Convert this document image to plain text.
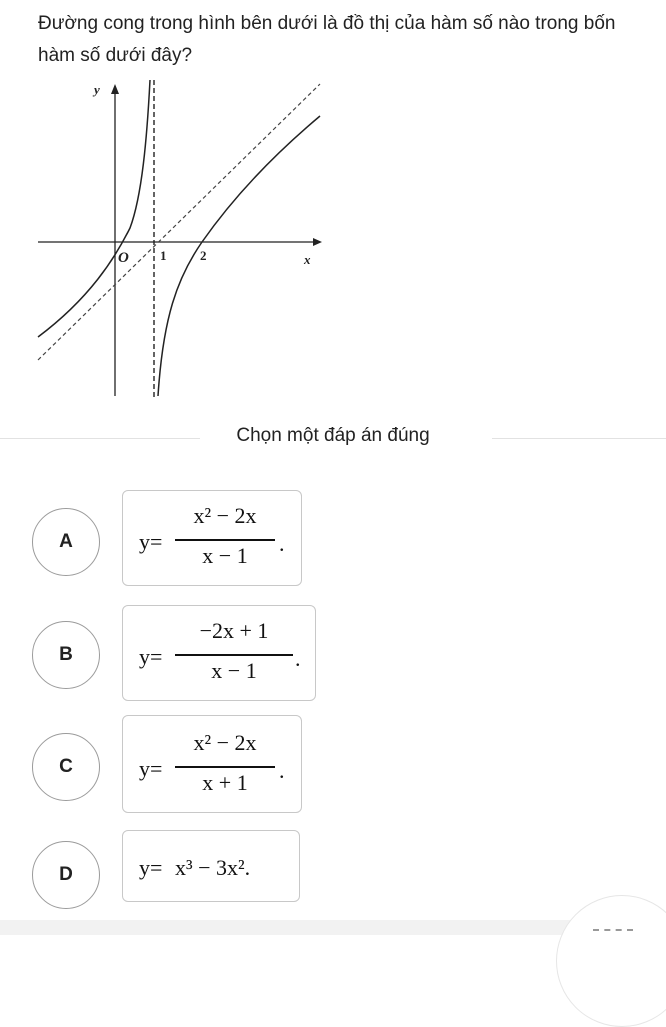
Đường cong trong hình bên dưới là đồ thị của hàm số nào trong bốn hàm số dưới đây?
y
x
O 1	2
Chọn một đáp án đúng
A	y=
x² − 2x
x − 1	.
B	y=
−2x + 1
x − 1	.
C	y=
x² − 2x
x + 1	.
D	y= x³ − 3x².
